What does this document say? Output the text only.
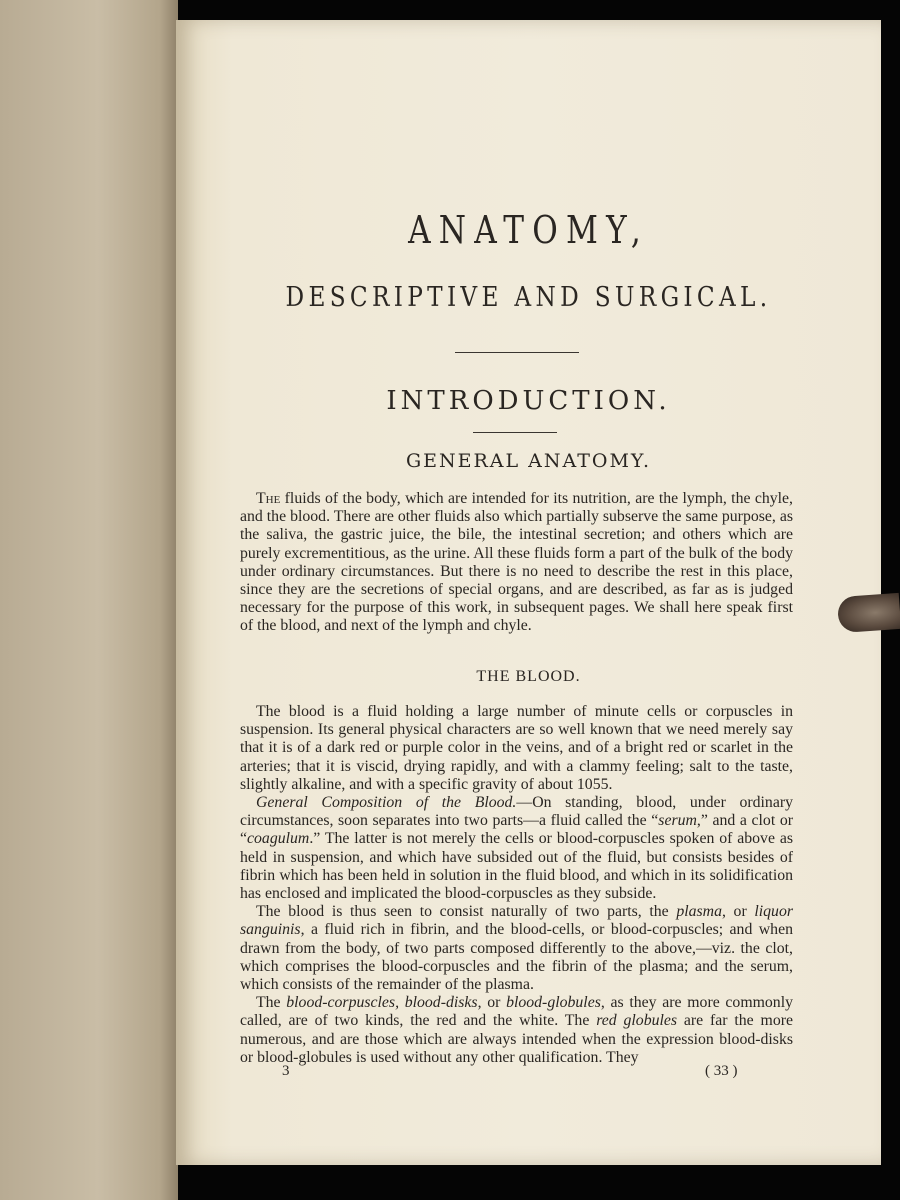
ANATOMY,
DESCRIPTIVE AND SURGICAL.
INTRODUCTION.
GENERAL ANATOMY.

The fluids of the body, which are intended for its nutrition, are the lymph, the chyle, and the blood. There are other fluids also which partially subserve the same purpose, as the saliva, the gastric juice, the bile, the intestinal secretion; and others which are purely excrementitious, as the urine. All these fluids form a part of the bulk of the body under ordinary circumstances. But there is no need to describe the rest in this place, since they are the secretions of special organs, and are described, as far as is judged necessary for the purpose of this work, in subsequent pages. We shall here speak first of the blood, and next of the lymph and chyle.

THE BLOOD.

The blood is a fluid holding a large number of minute cells or corpuscles in suspension. Its general physical characters are so well known that we need merely say that it is of a dark red or purple color in the veins, and of a bright red or scarlet in the arteries; that it is viscid, drying rapidly, and with a clammy feeling; salt to the taste, slightly alkaline, and with a specific gravity of about 1055.

General Composition of the Blood.—On standing, blood, under ordinary circumstances, soon separates into two parts—a fluid called the “serum,” and a clot or “coagulum.” The latter is not merely the cells or blood-corpuscles spoken of above as held in suspension, and which have subsided out of the fluid, but consists besides of fibrin which has been held in solution in the fluid blood, and which in its solidification has enclosed and implicated the blood-corpuscles as they subside.

The blood is thus seen to consist naturally of two parts, the plasma, or liquor sanguinis, a fluid rich in fibrin, and the blood-cells, or blood-corpuscles; and when drawn from the body, of two parts composed differently to the above,—viz. the clot, which comprises the blood-corpuscles and the fibrin of the plasma; and the serum, which consists of the remainder of the plasma.

The blood-corpuscles, blood-disks, or blood-globules, as they are more commonly called, are of two kinds, the red and the white. The red globules are far the more numerous, and are those which are always intended when the expression blood-disks or blood-globules is used without any other qualification. They

3	( 33 )
